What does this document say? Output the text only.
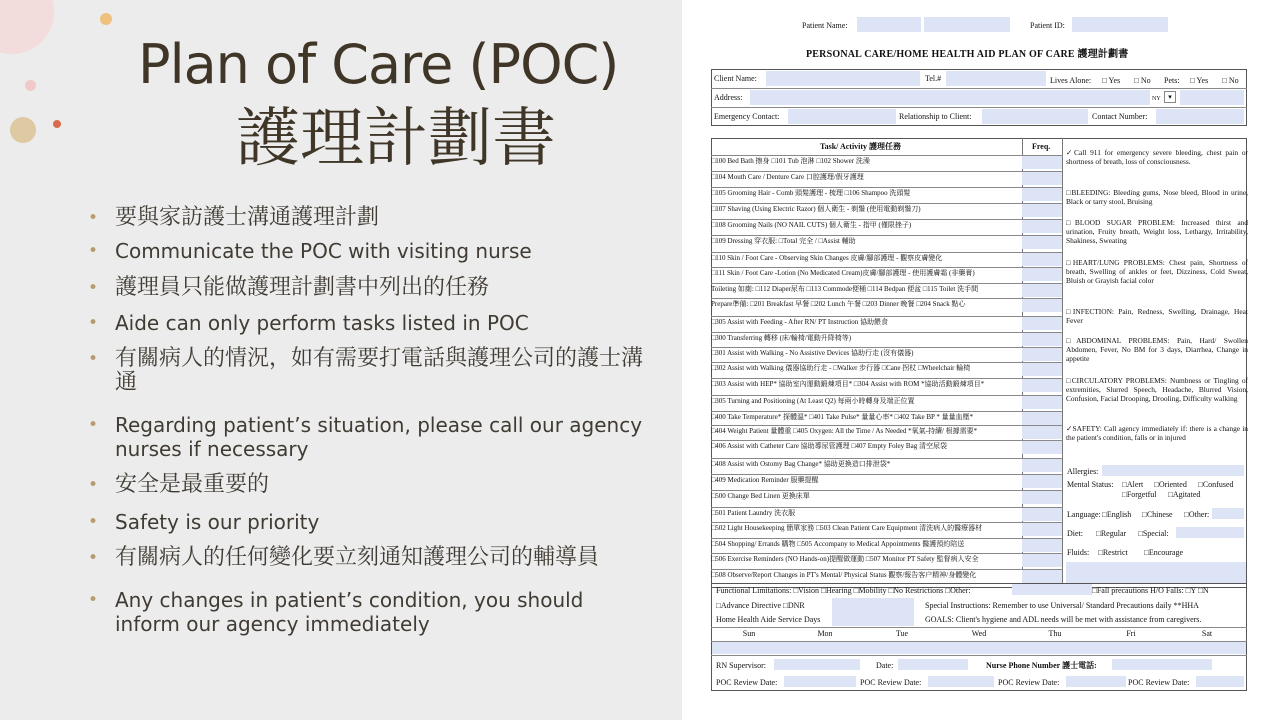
Plan of Care (POC)
護理計劃書
• 要與家訪護士溝通護理計劃
• Communicate the POC with visiting nurse
• 護理員只能做護理計劃書中列出的任務
• Aide can only perform tasks listed in POC
• 有關病人的情況，如有需要打電話與護理公司的護士溝通
• Regarding patient’s situation, please call our agency nurses if necessary
• 安全是最重要的
• Safety is our priority
• 有關病人的任何變化要立刻通知護理公司的輔導員
• Any changes in patient’s condition, you should inform our agency immediately
Patient Name:	Patient ID:
PERSONAL CARE/HOME HEALTH AID PLAN OF CARE 護理計劃書
Client Name:	Tel.#	Lives Alone: □ Yes □ No Pets: □ Yes □ No
Address:	NY	▾
Emergency Contact:	Relationship to Client:	Contact Number:
Task/ Activity 護理任務	Freq.
□100 Bed Bath 擦身 □101 Tub 泡淋 □102 Shower 洗澡
□104 Mouth Care / Denture Care 口腔護理/假牙護理
□105 Grooming Hair - Comb 頭髮護理 - 梳理 □106 Shampoo 洗頭髮
□107 Shaving (Using Electric Razor) 個人衛生 - 剃鬚 (使用電動剃鬚刀)
□108 Grooming Nails (NO NAIL CUTS) 個人衛生 - 指甲 (僅限挫子)
□109 Dressing 穿衣服: □Total 完全 / □Assist 輔助
□110 Skin / Foot Care - Observing Skin Changes 皮膚/腳部護理 - 觀察皮膚變化
□111 Skin / Foot Care -Lotion (No Medicated Cream)皮膚/腳部護理 - 使用護膚霜 (非藥膏)
Toileting 如廁: □112 Diaper尿布 □113 Commode便桶 □114 Bedpan 便盆 □115 Toilet 洗手間
Prepare準備: □201 Breakfast 早餐 □202 Lunch 午餐 □203 Dinner 晚餐 □204 Snack 點心
□305 Assist with Feeding - After RN/ PT Instruction 協助餵食
□300 Transferring 轉移 (床/輪椅/電動升降椅等)
□301 Assist with Walking - No Assistive Devices 協助行走 (沒有儀器)
□302 Assist with Walking 儀器協助行走 - □Walker 步行器 □Cane 拐杖 □Wheelchair 輪椅
□303 Assist with HEP* 協助室內運動鍛煉項目* □304 Assist with ROM *協助活動鍛煉項目*
□305 Turning and Positioning (At Least Q2) 每兩小時轉身及端正位置
□400 Take Temperature* 探體溫* □401 Take Pulse* 量量心率* □402 Take BP * 量量血壓*
□404 Weight Patient 量體重 □405 Oxygen: All the Time / As Needed *氧氣-持續/ 根據需要*
□406 Assist with Catheter Care 協助導尿管護理 □407 Empty Foley Bag 清空尿袋
□408 Assist with Ostomy Bag Change* 協助更換造口排泄袋*
□409 Medication Reminder 服藥提醒
□500 Change Bed Linen 更換床單
□501 Patient Laundry 洗衣服
□502 Light Housekeeping 簡單家務 □503 Clean Patient Care Equipment 清洗病人的醫療器材
□504 Shopping/ Errands 購物 □505 Accompany to Medical Appointments 醫護預約陪送
□506 Exercise Reminders (NO Hands-on)提醒做運動 □507 Monitor PT Safety 監督病人安全
□508 Observe/Report Changes in PT's Mental/ Physical Status 觀察/報告客户精神/身體變化
✓Call 911 for emergency severe bleeding, chest pain or shortness of breath, loss of consciousness.
□BLEEDING: Bleeding gums, Nose bleed, Blood in urine, Black or tarry stool, Bruising
□BLOOD SUGAR PROBLEM: Increased thirst and urination, Fruity breath, Weight loss, Lethargy, Irritability, Shakiness, Sweating
□HEART/LUNG PROBLEMS: Chest pain, Shortness of breath, Swelling of ankles or feet, Dizziness, Cold Sweat, Bluish or Grayish facial color
□INFECTION: Pain, Redness, Swelling, Drainage, Heat Fever
□ABDOMINAL PROBLEMS: Pain, Hard/ Swollen Abdomen, Fever, No BM for 3 days, Diarrhea, Change in appetite
□CIRCULATORY PROBLEMS: Numbness or Tingling of extremities, Slurred Speech, Headache, Blurred Vision, Confusion, Facial Drooping, Drooling, Difficulty walking
✓SAFETY: Call agency immediately if: there is a change in the patient's condition, falls or in injured
Allergies:
Mental Status: □Alert □Oriented □Confused
□Forgetful □Agitated
Language: □English □Chinese □Other:
Diet: □Regular □Special:
Fluids: □Restrict □Encourage
Functional Limitations: □Vision □Hearing □Mobility □No Restrictions □Other:	□Fall precautions H/O Falls: □Y □N
□Advance Directive □DNR
Home Health Aide Service Days
Special Instructions: Remember to use Universal/ Standard Precautions daily **HHA
GOALS: Client's hygiene and ADL needs will be met with assistance from caregivers.
Sun	Mon	Tue	Wed	Thu	Fri	Sat
RN Supervisor:	Date:	Nurse Phone Number 護士電話:
POC Review Date:	POC Review Date:	POC Review Date:	POC Review Date:
